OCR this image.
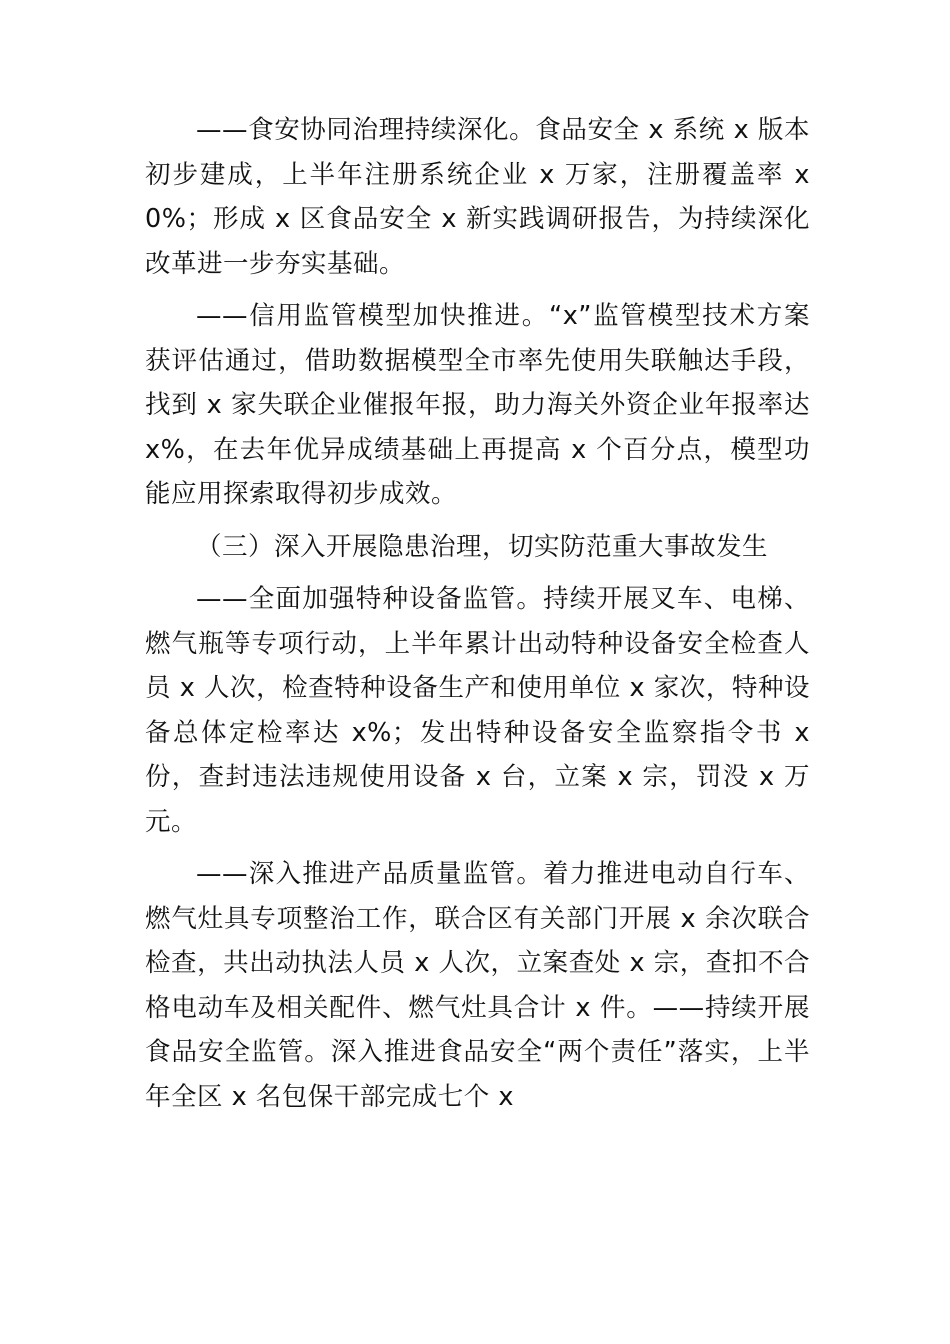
——食安协同治理持续深化。食品安全 x 系统 x 版本初步建成，上半年注册系统企业 x 万家，注册覆盖率 x0%；形成 x 区食品安全 x 新实践调研报告，为持续深化改革进一步夯实基础。

——信用监管模型加快推进。“x”监管模型技术方案获评估通过，借助数据模型全市率先使用失联触达手段，找到 x 家失联企业催报年报，助力海关外资企业年报率达 x%，在去年优异成绩基础上再提高 x 个百分点，模型功能应用探索取得初步成效。

（三）深入开展隐患治理，切实防范重大事故发生

——全面加强特种设备监管。持续开展叉车、电梯、燃气瓶等专项行动，上半年累计出动特种设备安全检查人员 x 人次，检查特种设备生产和使用单位 x 家次，特种设备总体定检率达 x%；发出特种设备安全监察指令书 x 份，查封违法违规使用设备 x 台，立案 x 宗，罚没 x 万元。

——深入推进产品质量监管。着力推进电动自行车、燃气灶具专项整治工作，联合区有关部门开展 x 余次联合检查，共出动执法人员 x 人次，立案查处 x 宗，查扣不合格电动车及相关配件、燃气灶具合计 x 件。——持续开展食品安全监管。深入推进食品安全“两个责任”落实，上半年全区 x 名包保干部完成七个 x
